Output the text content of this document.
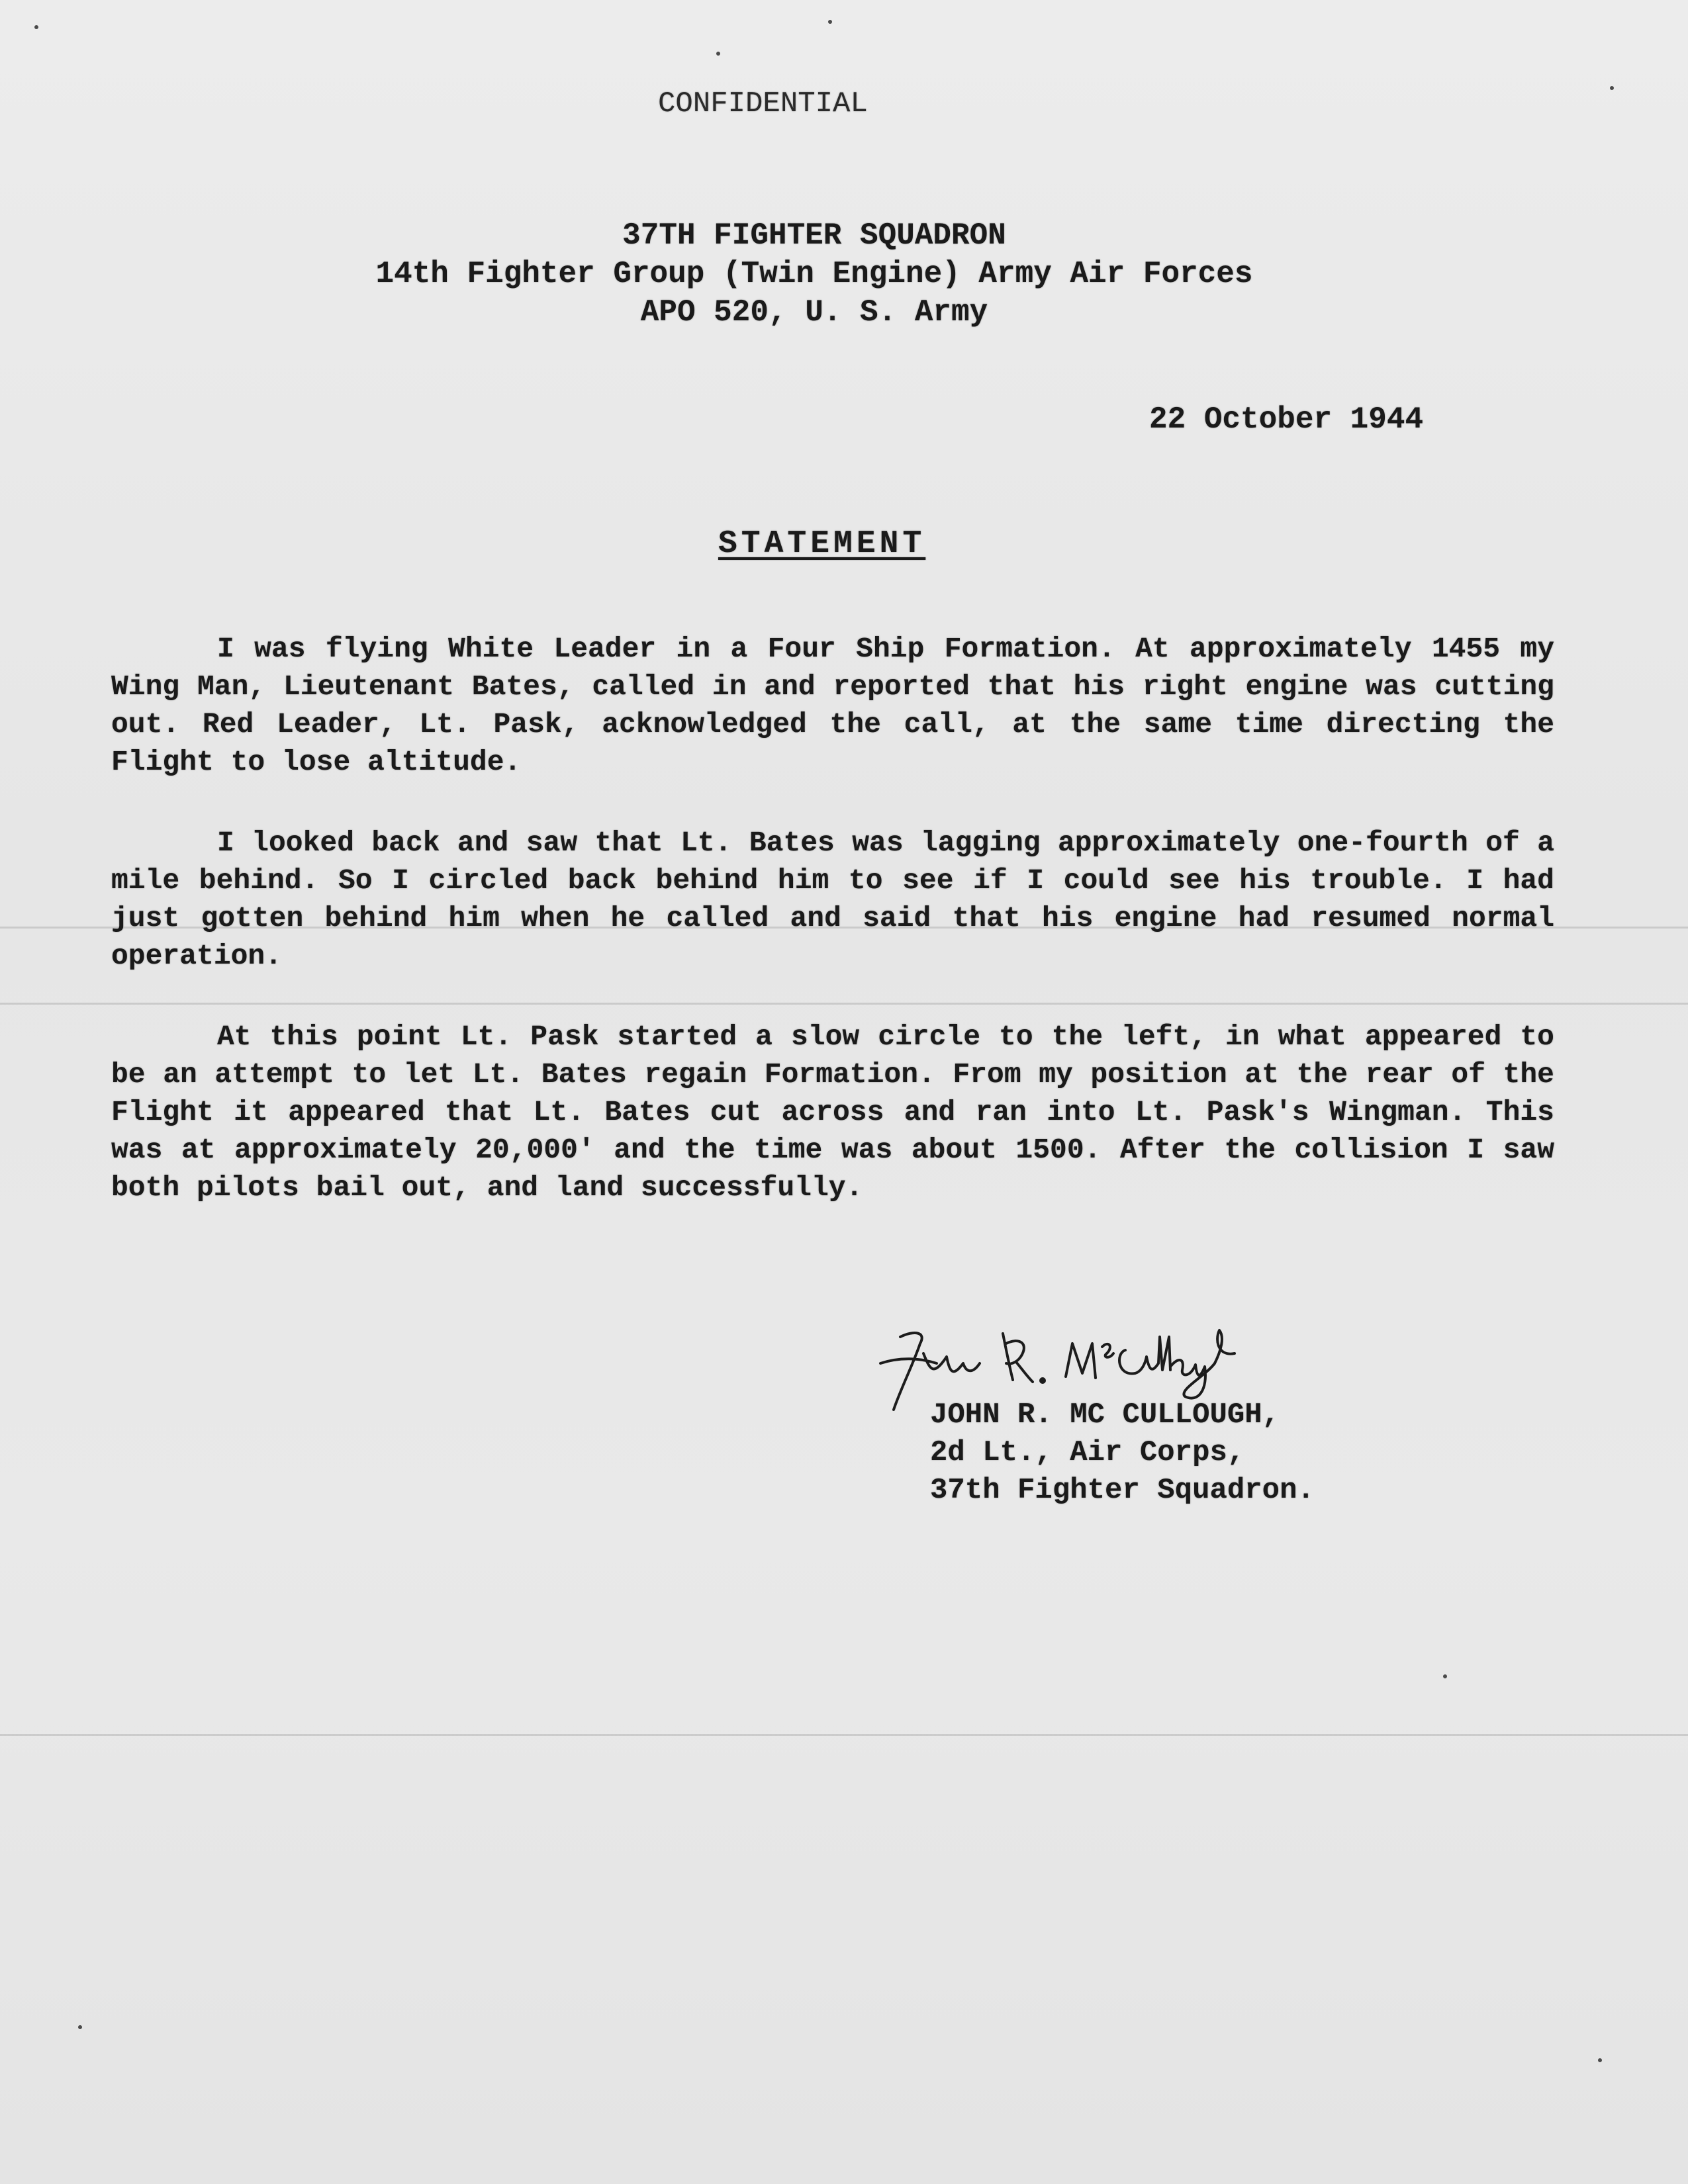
CONFIDENTIAL
37TH FIGHTER SQUADRON
14th Fighter Group (Twin Engine) Army Air Forces
APO 520, U. S. Army
22 October 1944
STATEMENT

I was flying White Leader in a Four Ship Formation. At approximately 1455 my Wing Man, Lieutenant Bates, called in and reported that his right engine was cutting out. Red Leader, Lt. Pask, acknowledged the call, at the same time directing the Flight to lose altitude.

I looked back and saw that Lt. Bates was lagging approximately one-fourth of a mile behind. So I circled back behind him to see if I could see his trouble. I had just gotten behind him when he called and said that his engine had resumed normal operation.

At this point Lt. Pask started a slow circle to the left, in what appeared to be an attempt to let Lt. Bates regain Formation. From my position at the rear of the Flight it appeared that Lt. Bates cut across and ran into Lt. Pask's Wingman. This was at approximately 20,000' and the time was about 1500. After the collision I saw both pilots bail out, and land successfully.

JOHN R. MC CULLOUGH,
2d Lt., Air Corps,
37th Fighter Squadron.
